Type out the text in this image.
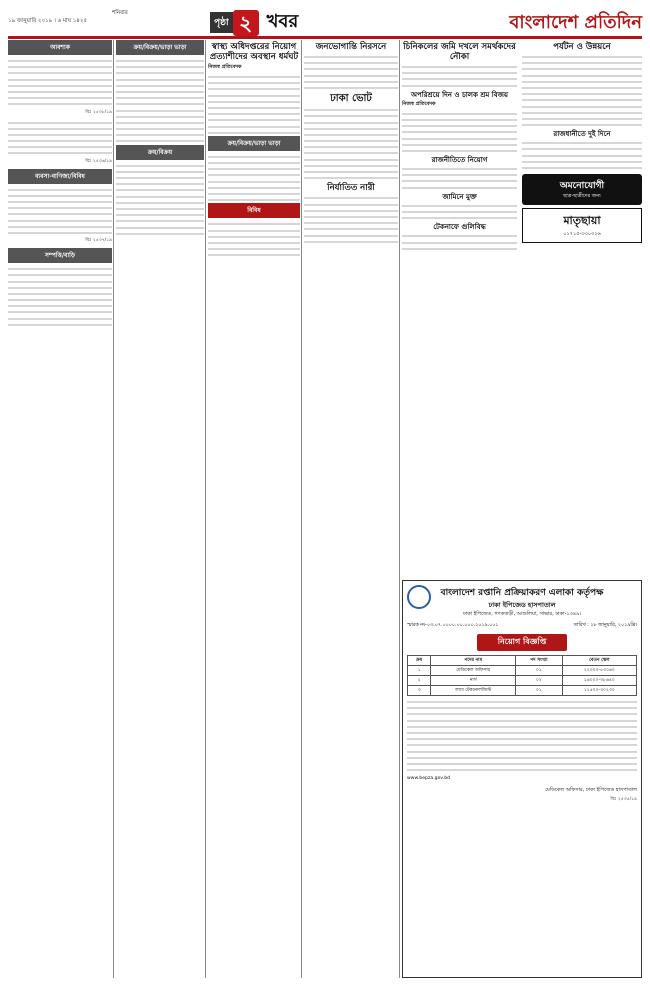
১৯ জানুয়ারি ২০১৯ । ৬ মাঘ ১৪২৫
শনিবার
পৃষ্ঠা ২ খবর	বাংলাদেশ প্রতিদিন
আবশ্যক
বিঃ ২৫৩৮/১৯
বিঃ ২৫৩৬/১৯
ব্যবসা-বাণিজ্য/বিবিধ
বিঃ ২৫৩৭/১৯
সম্পত্তি/বাড়ি
ক্রয়/বিক্রয়/ভাড়া ভাড়া
ক্রয়/বিক্রয়
স্বাস্থ্য অধিদপ্তরের নিয়োগ প্রত্যাশীদের অবস্থান ধর্মঘট
নিজস্ব প্রতিবেদক
ক্রয়/বিক্রয়/ভাড়া ভাড়া
বিবিধ
জনভোগান্তি নিরসনে
ঢাকা ভোট
নির্যাতিত নারী
চিনিকলের জমি দখলে সমর্থকদের নৌকা
অপরিশ্রয়ে দিন ও চালক শ্রম বিজয়
নিজস্ব প্রতিবেদক
রাজনীতিতে নিয়োগ
জামিনে মুক্ত
টেকনাফে গুলিবিদ্ধ
পর্যটন ও উন্নয়নে
রাজধানীতে দুই দিনে
অমনোযোগী
ছাত্র-ছাত্রীদের জন্য
মাতৃছায়া
০১৭১৫-৩৩০৩২৬
বাংলাদেশ রপ্তানি প্রক্রিয়াকরণ এলাকা কর্তৃপক্ষ
ঢাকা ইপিজেড হাসপাতাল
ঢাকা ইপিজেড, গণকবাড়ী, আশুলিয়া, সাভার, ঢাকা-১৩৪৯।
স্মারক নং-০৩.০৭.০০০০.০০.০০০.২০১৯.০০১	তারিখ : ১৮ জানুয়ারি, ২০১৯খ্রি।
নিয়োগ বিজ্ঞপ্তি
ক্রম	পদের নাম	পদ সংখ্যা	বেতন স্কেল
১	মেডিকেল অফিসার	০১	২২০০০-৫৩০৬০
২	নার্স	০২	১৬০০০-৩৮৬৪০
৩	ল্যাব টেকনোলজিস্ট	০১	১২৫০০-৩০২৩০
www.bepza.gov.bd
মেডিকেল অফিসার, ঢাকা ইপিজেড হাসপাতাল
বিঃ ২৫৩৫/১৯
